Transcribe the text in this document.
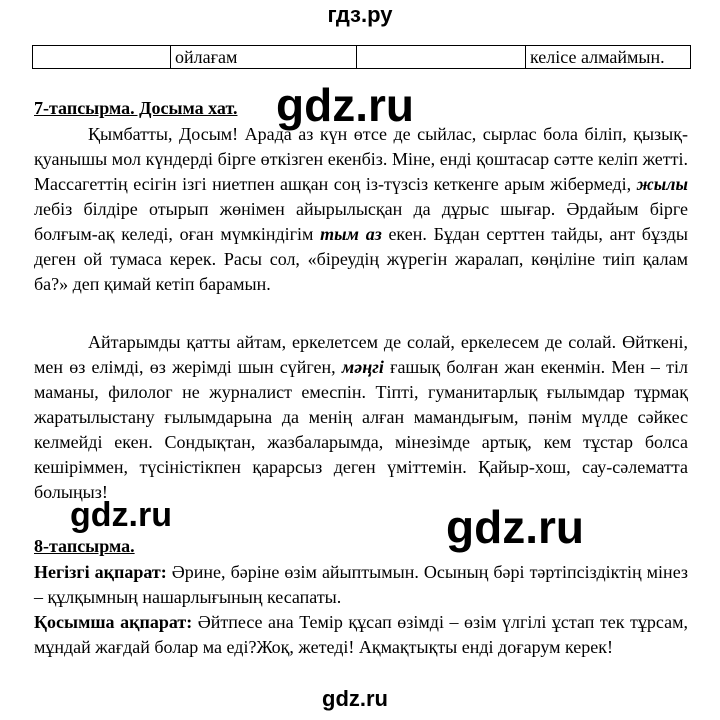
гдз.ру
	ойлағам		келісе алмаймын.
7-тапсырма. Досыма хат.

Қымбатты, Досым! Арада аз күн өтсе де сыйлас, сырлас бола біліп, қызық-қуанышы мол күндерді бірге өткізген екенбіз. Міне, енді қоштасар сәтте келіп жетті. Массагеттің есігін ізгі ниетпен ашқан соң із-түзсіз кеткенге арым жібермеді, жылы лебіз білдіре отырып жөнімен айырылысқан да дұрыс шығар. Әрдайым бірге болғым-ақ келеді, оған мүмкіндігім тым аз екен. Бұдан серттен тайды, ант бұзды деген ой тумаса керек. Расы сол, «біреудің жүрегін жаралап, көңіліне тиіп қалам ба?» деп қимай кетіп барамын.

Айтарымды қатты айтам, еркелетсем де солай, еркелесем де солай. Өйткені, мен өз елімді, өз жерімді шын сүйген, мәңгі ғашық болған жан екенмін. Мен – тіл маманы, филолог не журналист емеспін. Тіпті, гуманитарлық ғылымдар тұрмақ жаратылыстану ғылымдарына да менің алған мамандығым, пәнім мүлде сәйкес келмейді екен. Сондықтан, жазбаларымда, мінезімде артық, кем тұстар болса кешіріммен, түсіністікпен қарарсыз деген үміттемін. Қайыр-хош, сау-сәлематта болыңыз!

8-тапсырма.

Негізгі ақпарат: Әрине, бәріне өзім айыптымын. Осының бәрі тәртіпсіздіктің мінез – құлқымның нашарлығының кесапаты.

Қосымша ақпарат: Әйтпесе ана Темір құсап өзімді – өзім үлгілі ұстап тек тұрсам, мұндай жағдай болар ма еді?Жоқ, жетеді! Ақмақтықты енді доғарум керек!

gdz.ru
gdz.ru	gdz.ru
gdz.ru
